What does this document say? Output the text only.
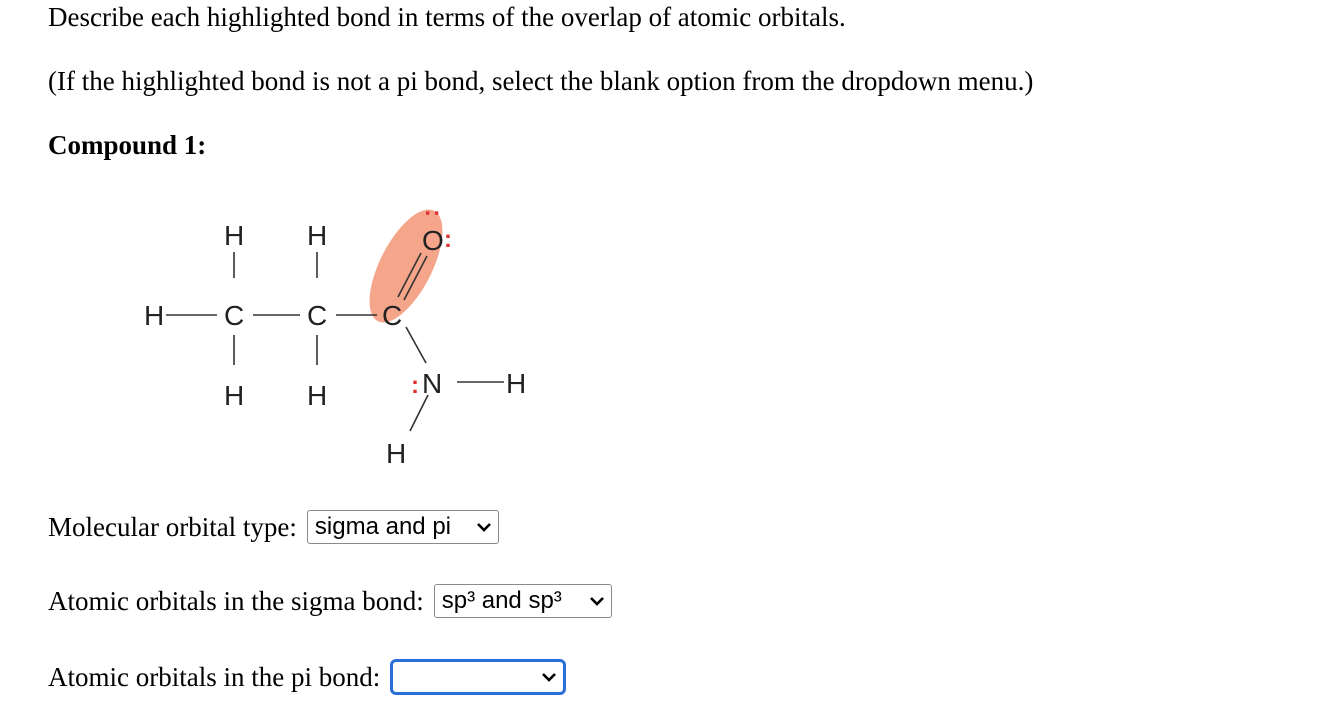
Describe each highlighted bond in terms of the overlap of atomic orbitals.
(If the highlighted bond is not a pi bond, select the blank option from the dropdown menu.)
Compound 1:
H H
H C C C
O
:
:
H H	: N H
H
Molecular orbital type: sigma and pi
Atomic orbitals in the sigma bond: sp³ and sp³
Atomic orbitals in the pi bond:
